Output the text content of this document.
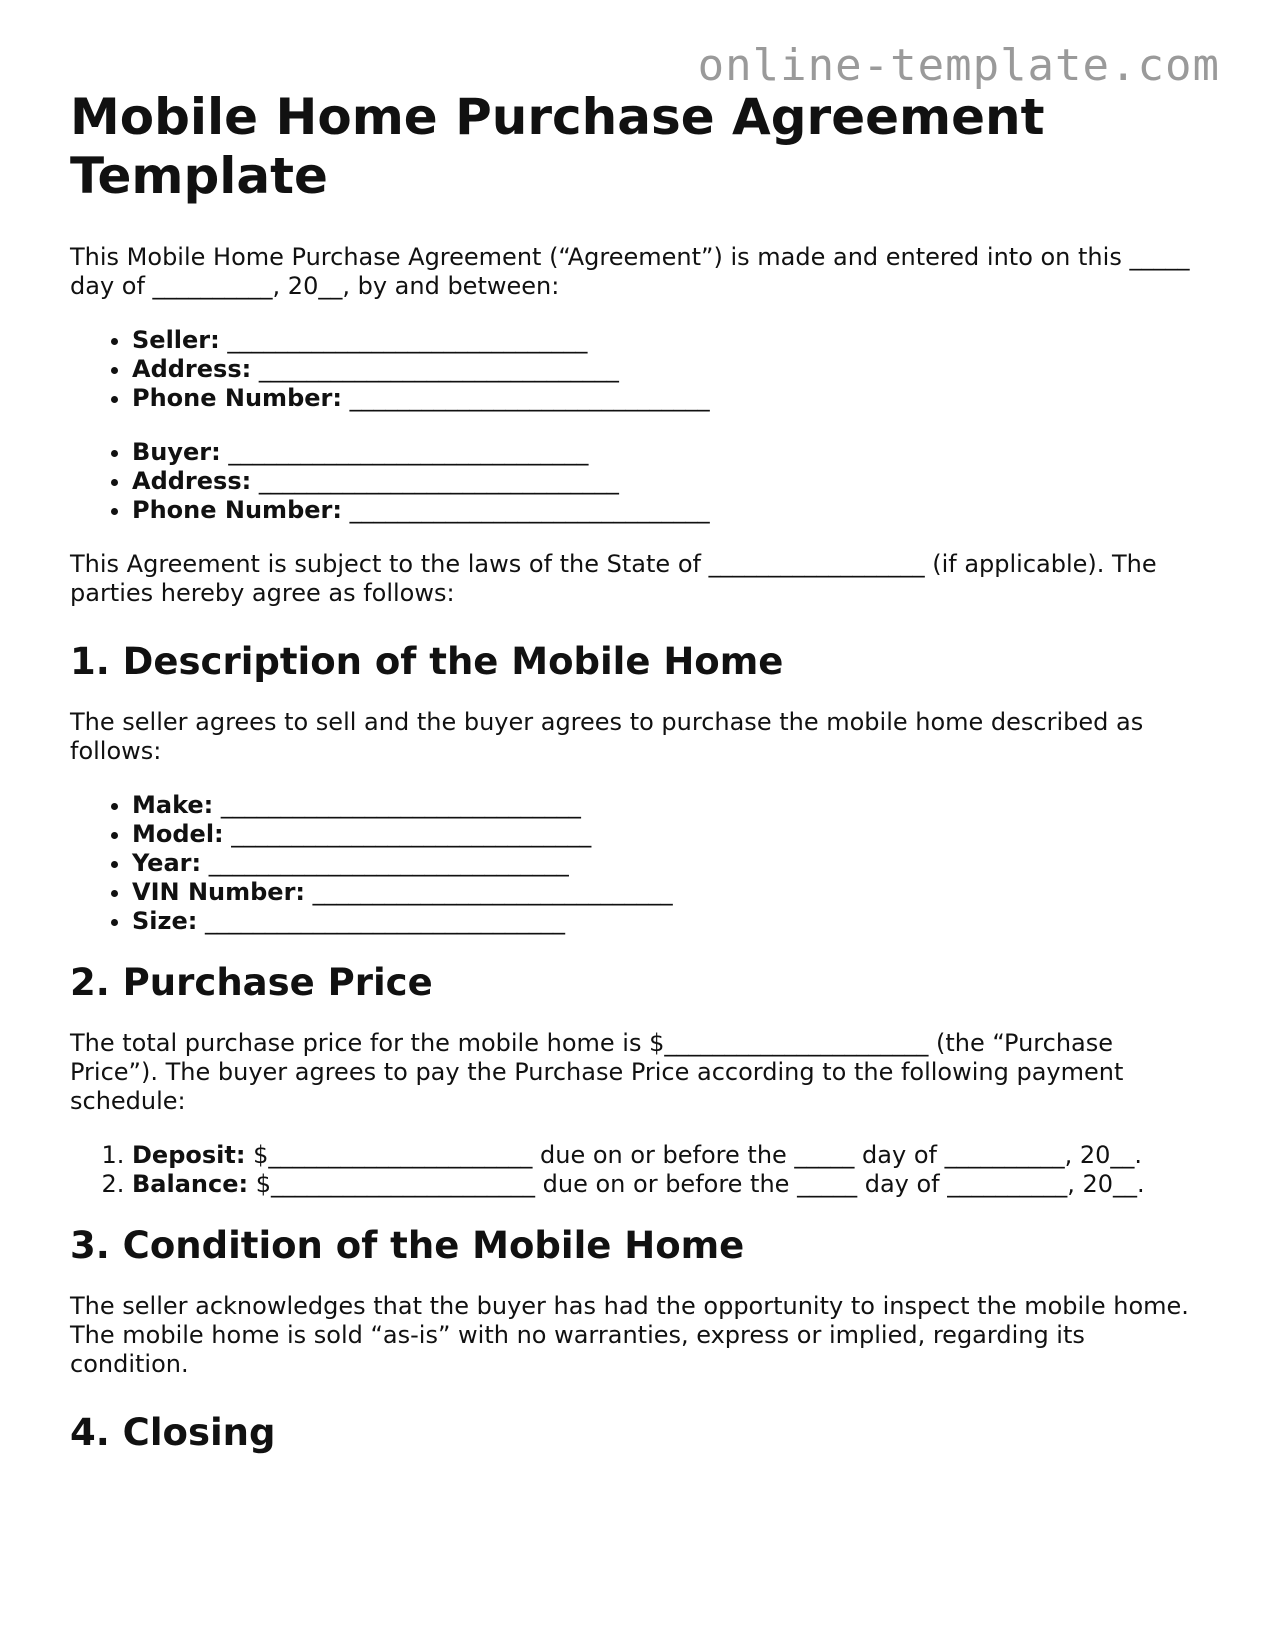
online-template.com
Mobile Home Purchase Agreement Template

This Mobile Home Purchase Agreement (“Agreement”) is made and entered into on this _____ day of __________, 20__, by and between:

• Seller: ______________________________
• Address: ______________________________
• Phone Number: ______________________________
• Buyer: ______________________________
• Address: ______________________________
• Phone Number: ______________________________

This Agreement is subject to the laws of the State of __________________ (if applicable). The parties hereby agree as follows:

1. Description of the Mobile Home

The seller agrees to sell and the buyer agrees to purchase the mobile home described as follows:

• Make: ______________________________
• Model: ______________________________
• Year: ______________________________
• VIN Number: ______________________________
• Size: ______________________________
2. Purchase Price

The total purchase price for the mobile home is $______________________ (the “Purchase Price”). The buyer agrees to pay the Purchase Price according to the following payment schedule:

1. Deposit: $______________________ due on or before the _____ day of __________, 20__.
2. Balance: $______________________ due on or before the _____ day of __________, 20__.
3. Condition of the Mobile Home

The seller acknowledges that the buyer has had the opportunity to inspect the mobile home. The mobile home is sold “as-is” with no warranties, express or implied, regarding its condition.

4. Closing
